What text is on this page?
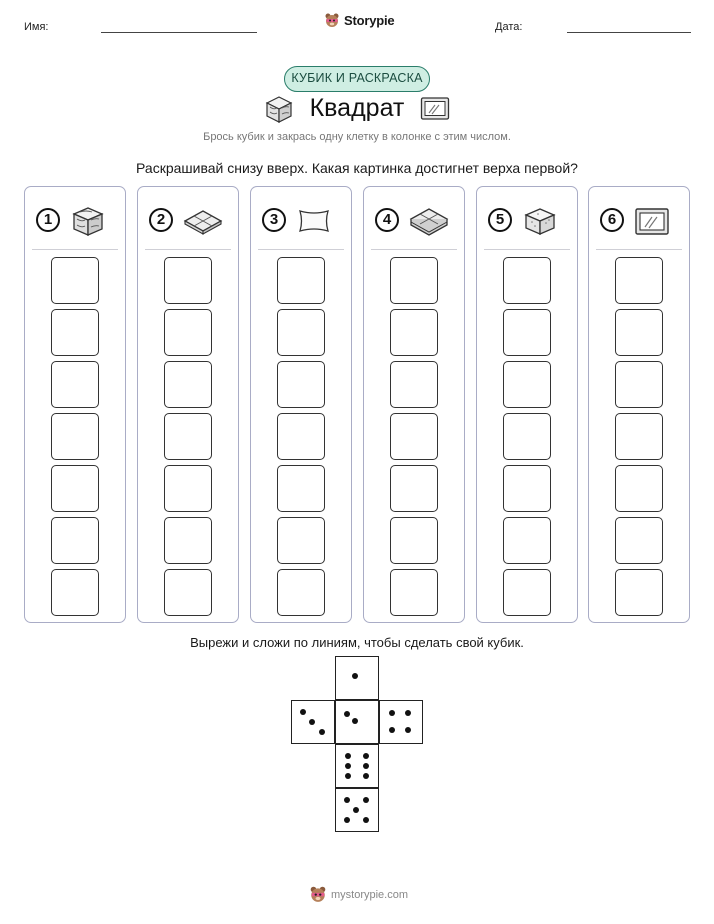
Имя:	Storypie	Дата:
КУБИК И РАСКРАСКА
Квадрат
Брось кубик и закрась одну клетку в колонке с этим числом.
Раскрашивай снизу вверх. Какая картинка достигнет верха первой?
1	2	3	4	5	6
Вырежи и сложи по линиям, чтобы сделать свой кубик.
mystorypie.com
